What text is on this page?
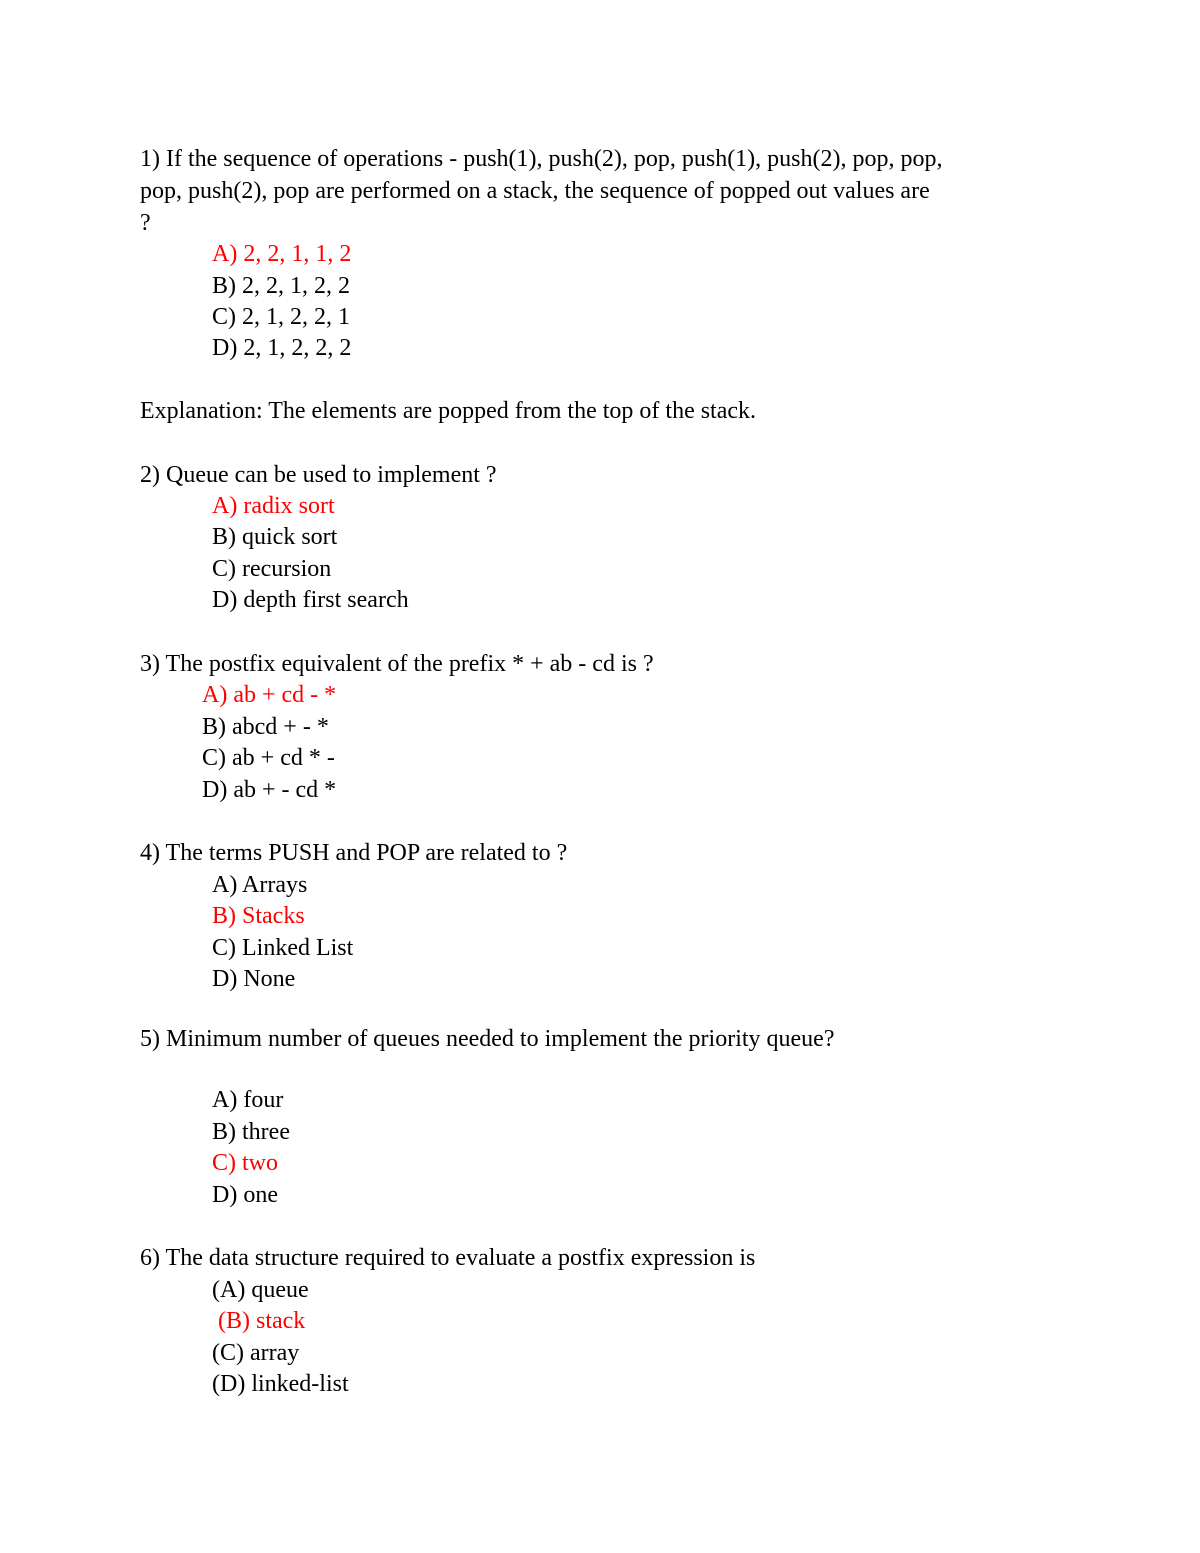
1) If the sequence of operations - push(1), push(2), pop, push(1), push(2), pop, pop,
pop, push(2), pop are performed on a stack, the sequence of popped out values are
?
A) 2, 2, 1, 1, 2
B) 2, 2, 1, 2, 2
C) 2, 1, 2, 2, 1
D) 2, 1, 2, 2, 2
Explanation: The elements are popped from the top of the stack.
2) Queue can be used to implement ?
A) radix sort
B) quick sort
C) recursion
D) depth first search
3) The postfix equivalent of the prefix * + ab - cd is ?
A) ab + cd - *
B) abcd + - *
C) ab + cd * -
D) ab + - cd *
4) The terms PUSH and POP are related to ?
A) Arrays
B) Stacks
C) Linked List
D) None
5) Minimum number of queues needed to implement the priority queue?
A) four
B) three
C) two
D) one
6) The data structure required to evaluate a postfix expression is
(A) queue
(B) stack
(C) array
(D) linked-list
